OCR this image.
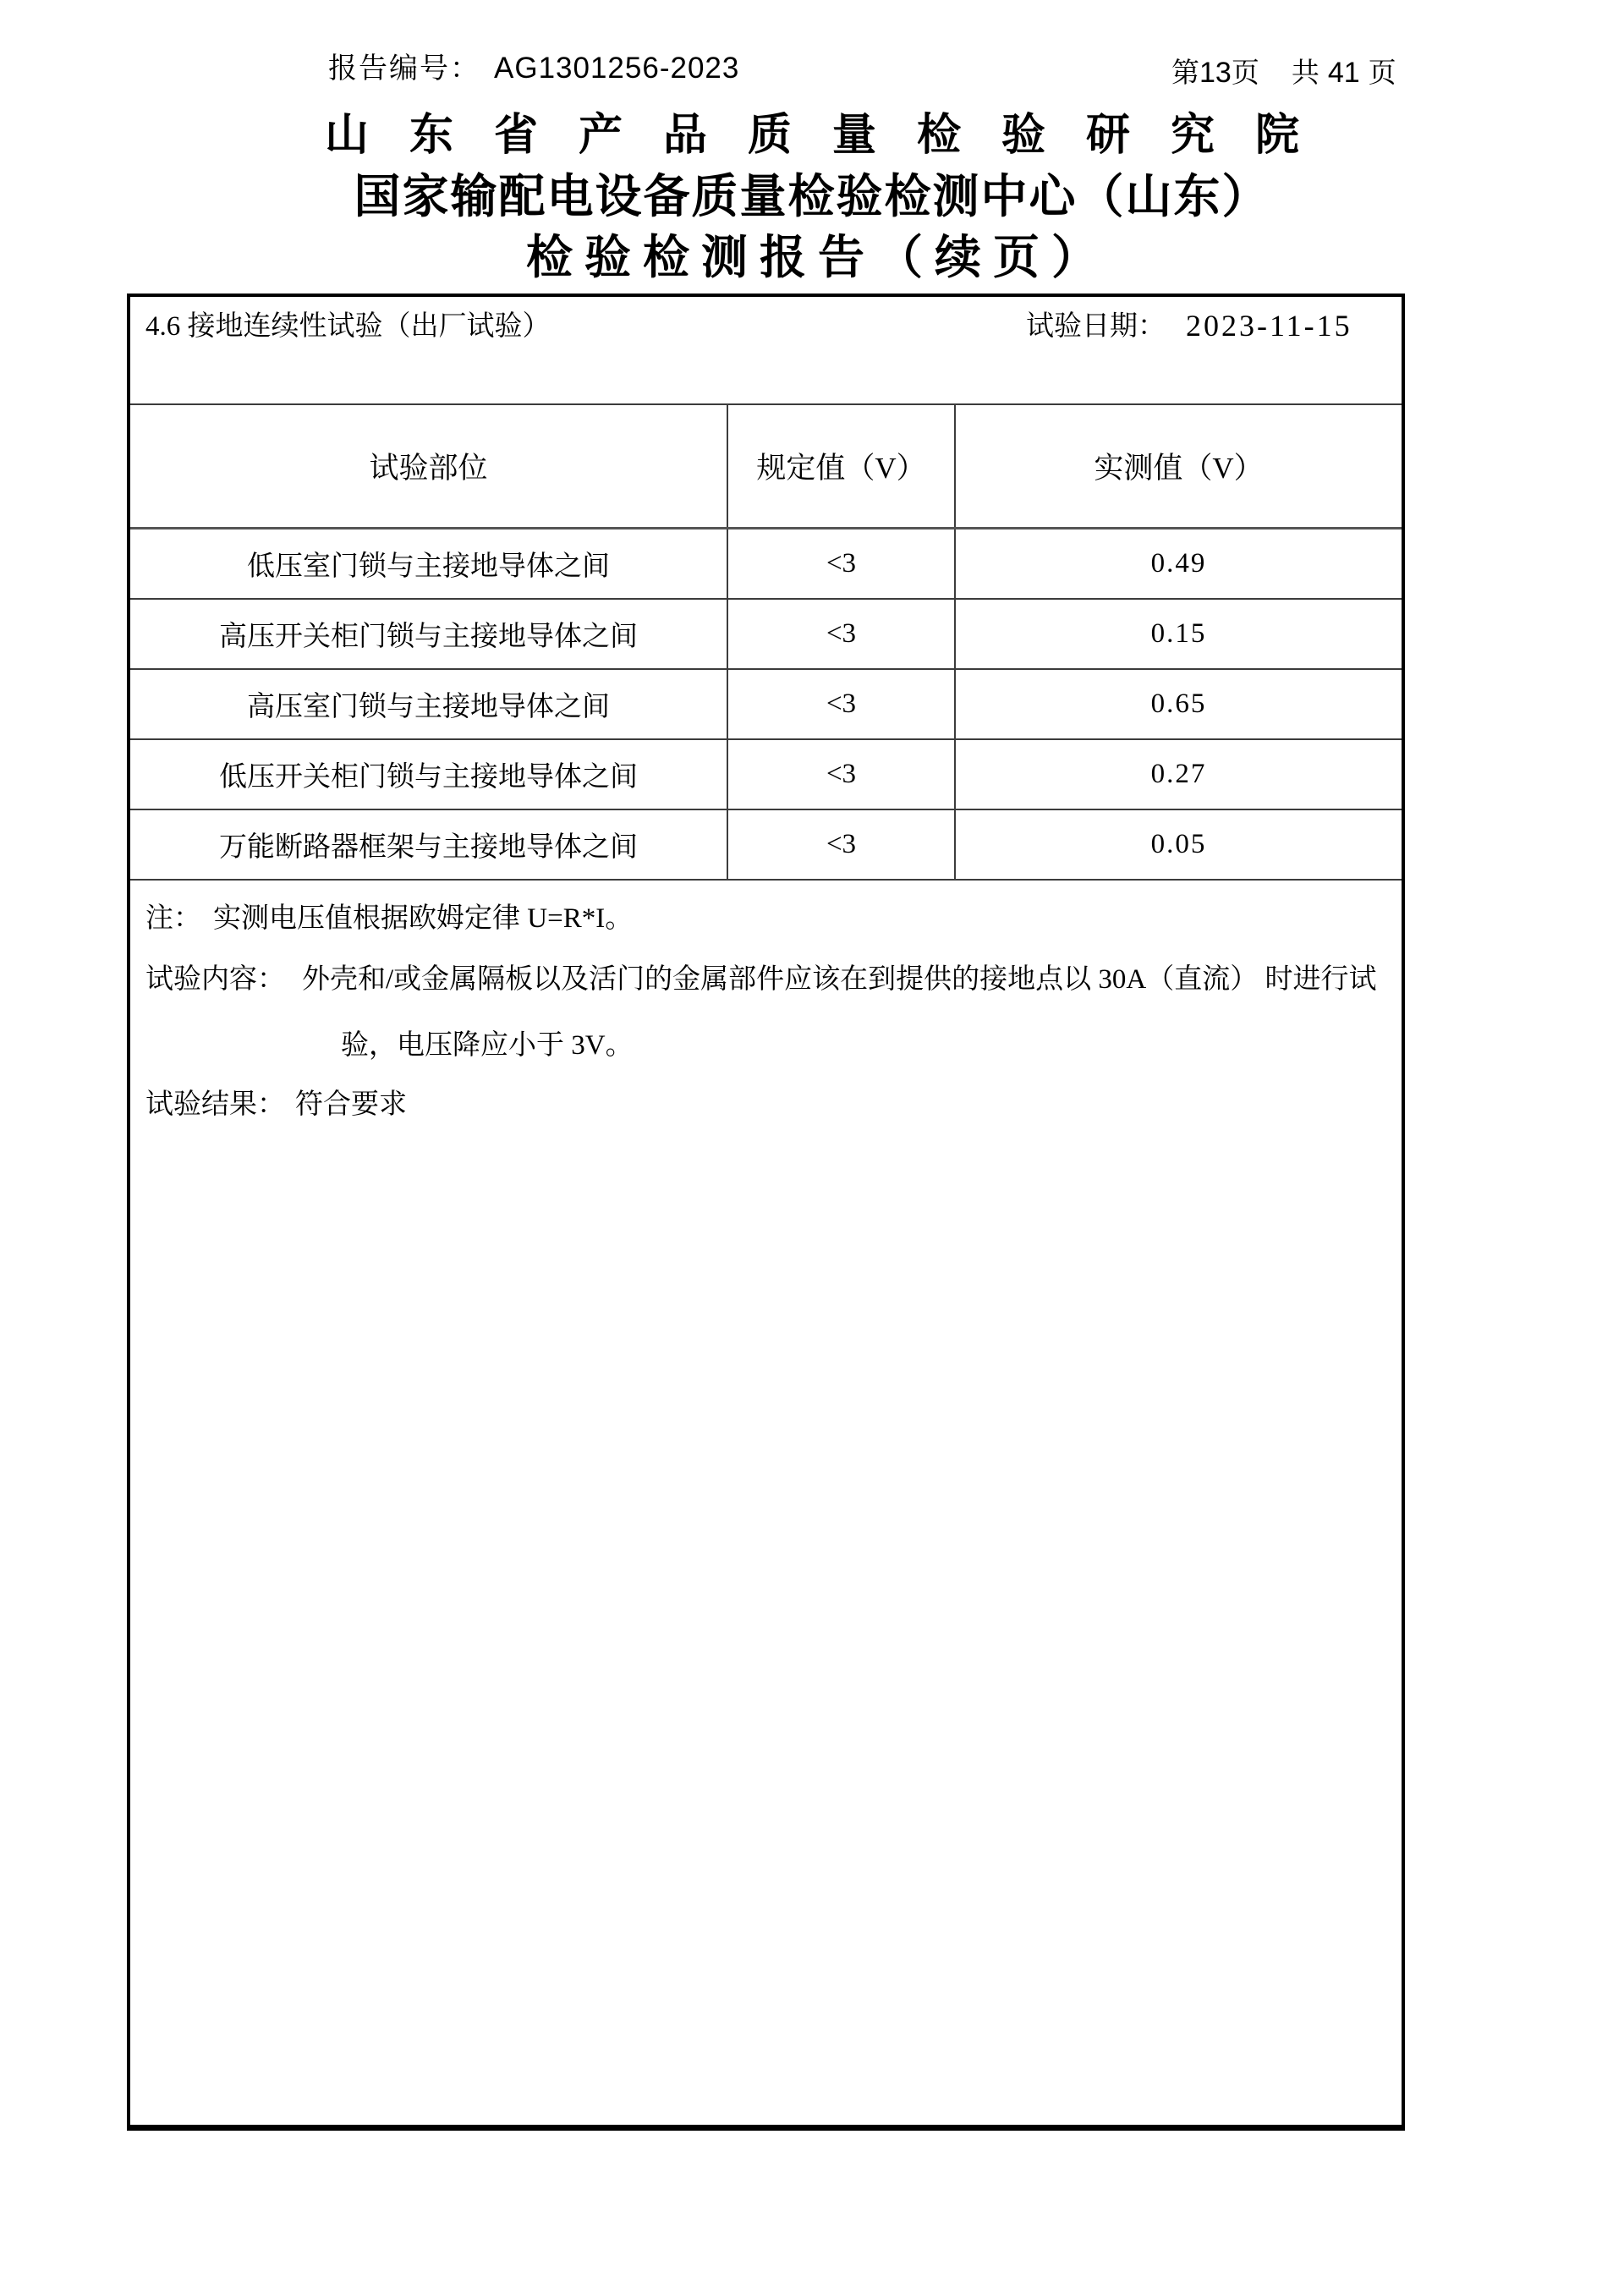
报告编号： AG1301256-2023	第13页 共 41 页
山东省产品质量检验研究院
国家输配电设备质量检验检测中心（山东）
检验检测报告（续页）
4.6 接地连续性试验（出厂试验）	试验日期： 2023-11-15
试验部位	规定值（V）	实测值（V）
低压室门锁与主接地导体之间	<3	0.49
高压开关柜门锁与主接地导体之间	<3	0.15
高压室门锁与主接地导体之间	<3	0.65
低压开关柜门锁与主接地导体之间	<3	0.27
万能断路器框架与主接地导体之间	<3	0.05
注： 实测电压值根据欧姆定律 U=R*I。
试验内容： 外壳和/或金属隔板以及活门的金属部件应该在到提供的接地点以 30A（直流） 时进行试
验，电压降应小于 3V。
试验结果： 符合要求
